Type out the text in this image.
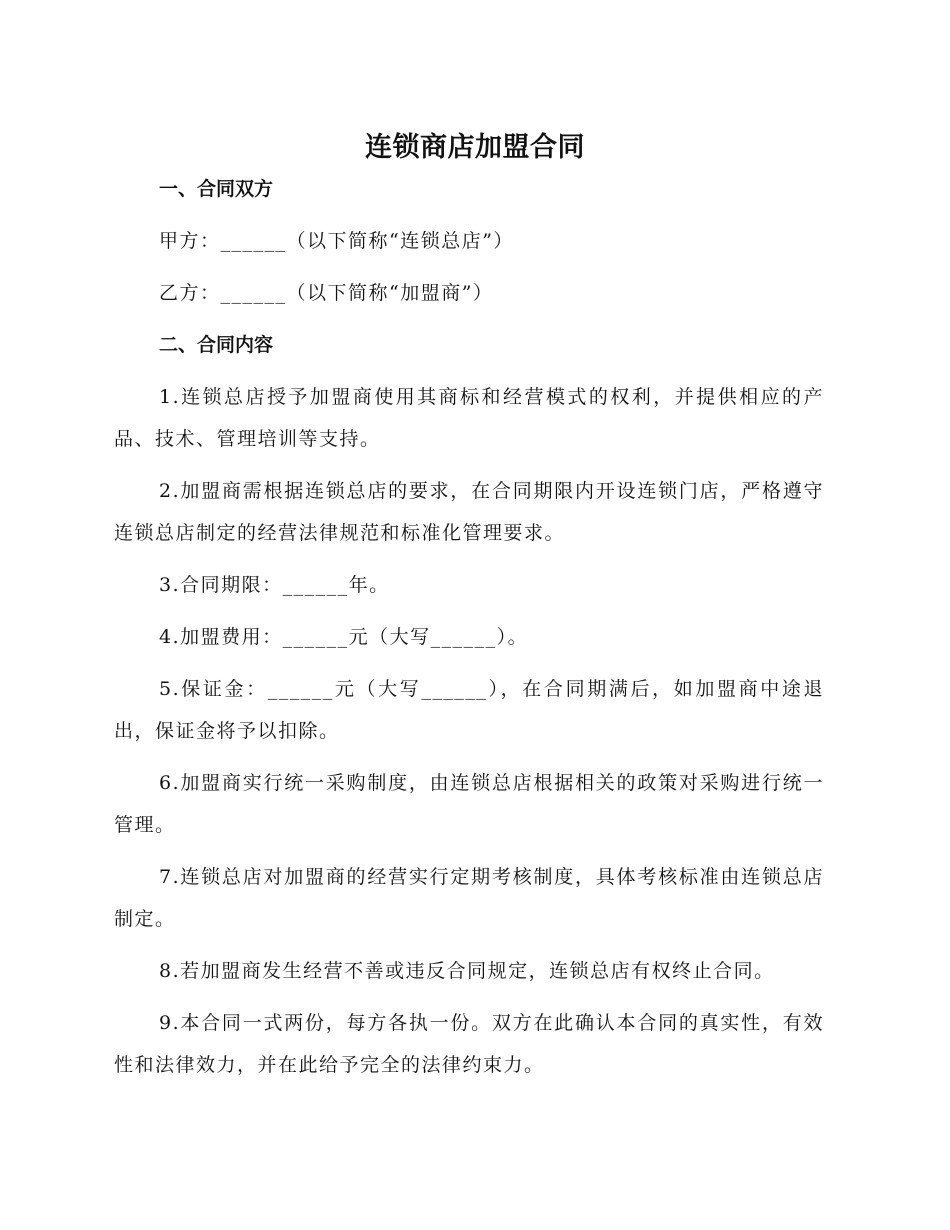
连锁商店加盟合同
一、合同双方

甲方：______（以下简称“连锁总店”）

乙方：______（以下简称“加盟商”）

二、合同内容

1.连锁总店授予加盟商使用其商标和经营模式的权利，并提供相应的产品、技术、管理培训等支持。

2.加盟商需根据连锁总店的要求，在合同期限内开设连锁门店，严格遵守连锁总店制定的经营法律规范和标准化管理要求。

3.合同期限：______年。

4.加盟费用：______元（大写______）。

5.保证金：______元（大写______），在合同期满后，如加盟商中途退出，保证金将予以扣除。

6.加盟商实行统一采购制度，由连锁总店根据相关的政策对采购进行统一管理。

7.连锁总店对加盟商的经营实行定期考核制度，具体考核标准由连锁总店制定。

8.若加盟商发生经营不善或违反合同规定，连锁总店有权终止合同。

9.本合同一式两份，每方各执一份。双方在此确认本合同的真实性，有效性和法律效力，并在此给予完全的法律约束力。
